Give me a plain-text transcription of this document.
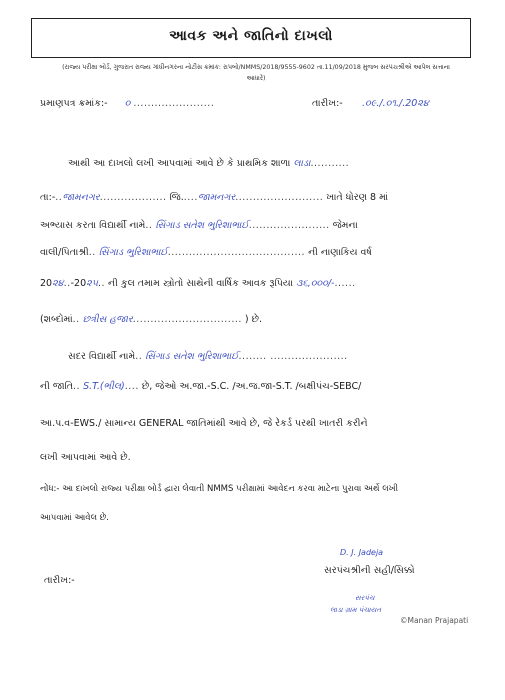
આવક અને જાતિનો દાખલો
(રાજ્ય પરીક્ષા બોર્ડ, ગુજરાત રાજ્ય ગાંધીનગરના નોટીસ ક્રમાંક: રાપબો/NMMS/2018/9555-9602 તા.11/09/2018 મુજબ સરપંચશ્રીએ આપેલ સત્તાના આધારે)
પ્રમાણપત્ર ક્રમાંક:- ૦ .......................	તારીખ:- .૦૯./.૦૧./.20૨૪
આથી આ દાખલો લખી આપવામાં આવે છે કે પ્રાથમિક શાળા લાડા...........
તા:-..જામનગર................... જિ.....જામનગર......................... ખાતે ધોરણ 8 માં
અભ્યાસ કરતા વિદ્યાર્થી નામે.. સિંગાડ સતેશ ભુરિશાભાઈ....................... જેમના
વાલી/પિતાશ્રી.. સિંગાડ ભુરિશાભાઈ....................................... ની નાણાકિય વર્ષ
20૨૪..-20૨૫.. ની કુલ તમામ સ્ત્રોતો સાથેની વાર્ષિક આવક રૂપિયા ૩૬,૦૦૦/-......
(શબ્દોમાં.. છત્રીસ હજાર............................... ) છે.
સદર વિદ્યાર્થી નામે.. સિંગાડ સતેશ ભુરિશાભાઈ........ ......................
ની જાતિ.. S.T.(ભીલ).... છે, જેઓ અ.જા.-S.C. /અ.જ.જા-S.T. /બક્ષીપંચ-SEBC/
આ.પ.વ-EWS./ સામાન્ય GENERAL જાતિમાંથી આવે છે, જે રેકર્ડ પરથી ખાતરી કરીને
લખી આપવામાં આવે છે.
નોંધ:- આ દાખલો રાજ્ય પરીક્ષા બોર્ડ દ્વારા લેવાતી NMMS પરીક્ષામાં આવેદન કરવા માટેના પુરાવા અર્થે લખી
આપવામાં આવેલ છે.
D. J. Jadeja
સરપંચશ્રીની સહી/સિક્કો
તારીખ:-
સરપંચ
લાડા ગ્રામ પંચાયત
©Manan Prajapati
